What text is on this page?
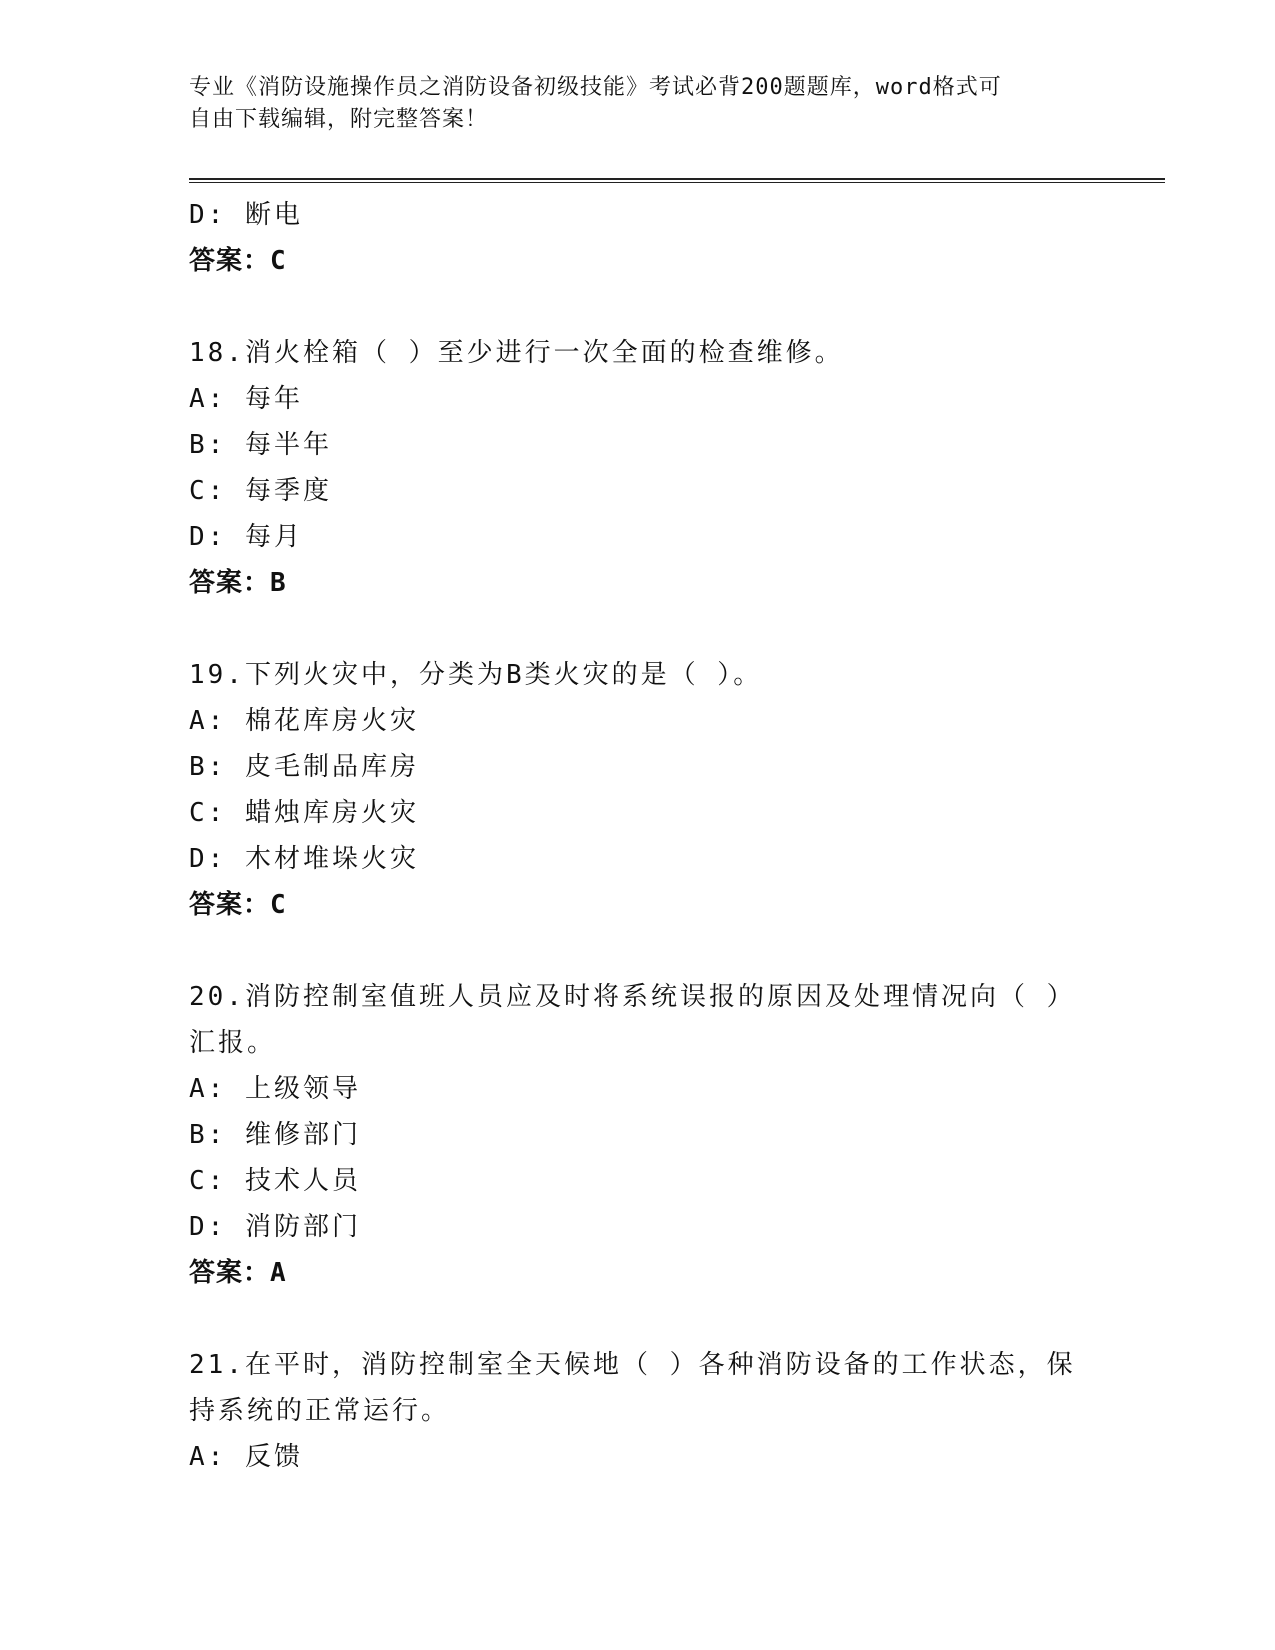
专业《消防设施操作员之消防设备初级技能》考试必背200题题库，word格式可
自由下载编辑，附完整答案！
D: 断电
答案：C
18.消火栓箱（ ）至少进行一次全面的检查维修。
A: 每年
B: 每半年
C: 每季度
D: 每月
答案：B
19.下列火灾中，分类为B类火灾的是（ ）。
A: 棉花库房火灾
B: 皮毛制品库房
C: 蜡烛库房火灾
D: 木材堆垛火灾
答案：C
20.消防控制室值班人员应及时将系统误报的原因及处理情况向（ ）
汇报。
A: 上级领导
B: 维修部门
C: 技术人员
D: 消防部门
答案：A
21.在平时，消防控制室全天候地（ ）各种消防设备的工作状态，保
持系统的正常运行。
A: 反馈
